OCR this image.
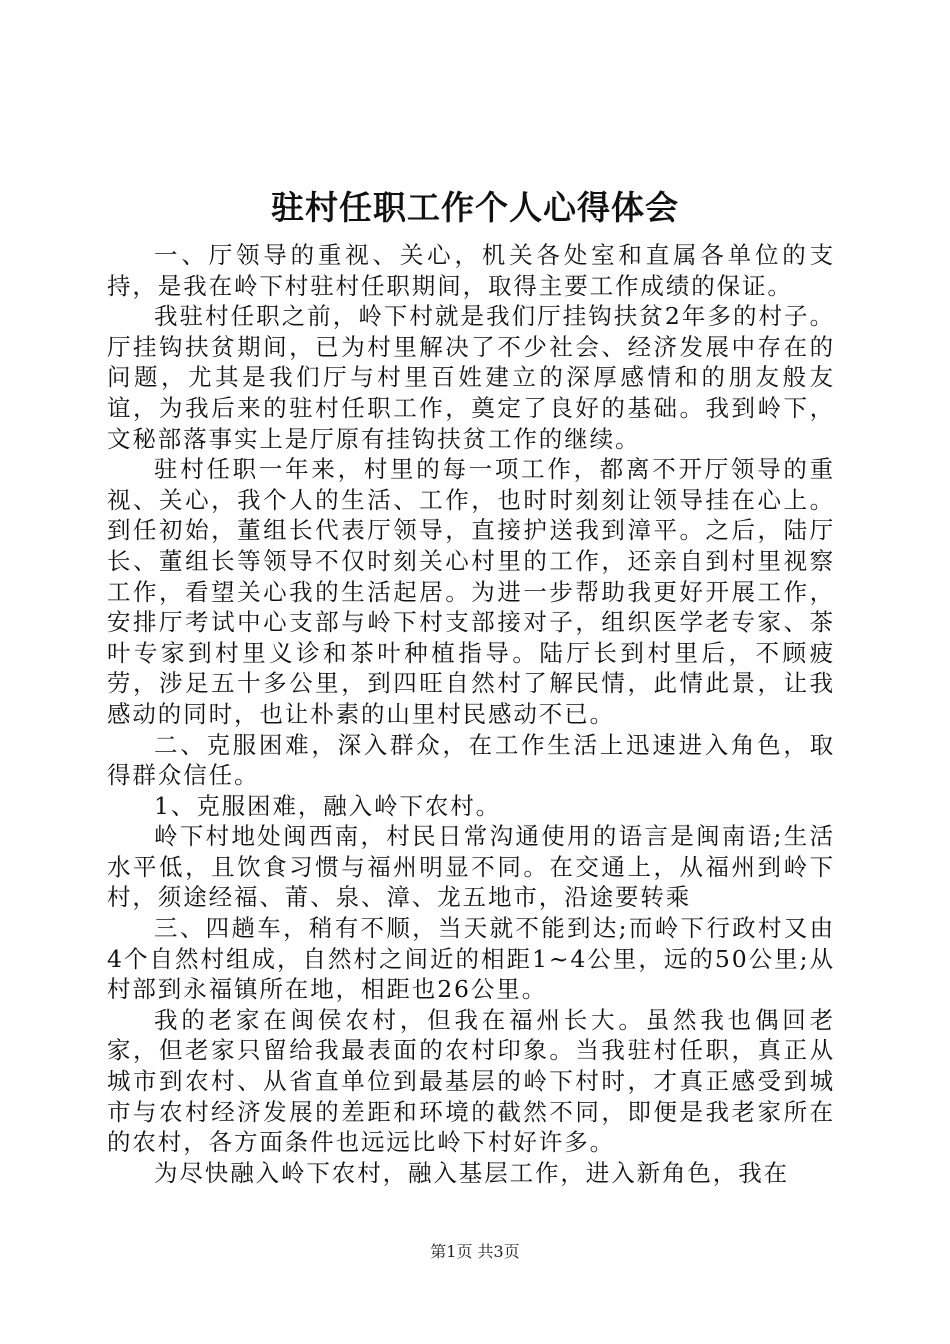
驻村任职工作个人心得体会

一、厅领导的重视、关心，机关各处室和直属各单位的支持，是我在岭下村驻村任职期间，取得主要工作成绩的保证。

我驻村任职之前，岭下村就是我们厅挂钩扶贫2年多的村子。厅挂钩扶贫期间，已为村里解决了不少社会、经济发展中存在的问题，尤其是我们厅与村里百姓建立的深厚感情和的朋友般友谊，为我后来的驻村任职工作，奠定了良好的基础。我到岭下，文秘部落事实上是厅原有挂钩扶贫工作的继续。

驻村任职一年来，村里的每一项工作，都离不开厅领导的重视、关心，我个人的生活、工作，也时时刻刻让领导挂在心上。到任初始，董组长代表厅领导，直接护送我到漳平。之后，陆厅长、董组长等领导不仅时刻关心村里的工作，还亲自到村里视察工作，看望关心我的生活起居。为进一步帮助我更好开展工作，安排厅考试中心支部与岭下村支部接对子，组织医学老专家、茶叶专家到村里义诊和茶叶种植指导。陆厅长到村里后，不顾疲劳，涉足五十多公里，到四旺自然村了解民情，此情此景，让我感动的同时，也让朴素的山里村民感动不已。

二、克服困难，深入群众，在工作生活上迅速进入角色，取得群众信任。

1、克服困难，融入岭下农村。

岭下村地处闽西南，村民日常沟通使用的语言是闽南语;生活水平低，且饮食习惯与福州明显不同。在交通上，从福州到岭下村，须途经福、莆、泉、漳、龙五地市，沿途要转乘

三、四趟车，稍有不顺，当天就不能到达;而岭下行政村又由4个自然村组成，自然村之间近的相距1~4公里，远的50公里;从村部到永福镇所在地，相距也26公里。

我的老家在闽侯农村，但我在福州长大。虽然我也偶回老家，但老家只留给我最表面的农村印象。当我驻村任职，真正从城市到农村、从省直单位到最基层的岭下村时，才真正感受到城市与农村经济发展的差距和环境的截然不同，即便是我老家所在的农村，各方面条件也远远比岭下村好许多。

为尽快融入岭下农村，融入基层工作，进入新角色，我在

第1页 共3页
